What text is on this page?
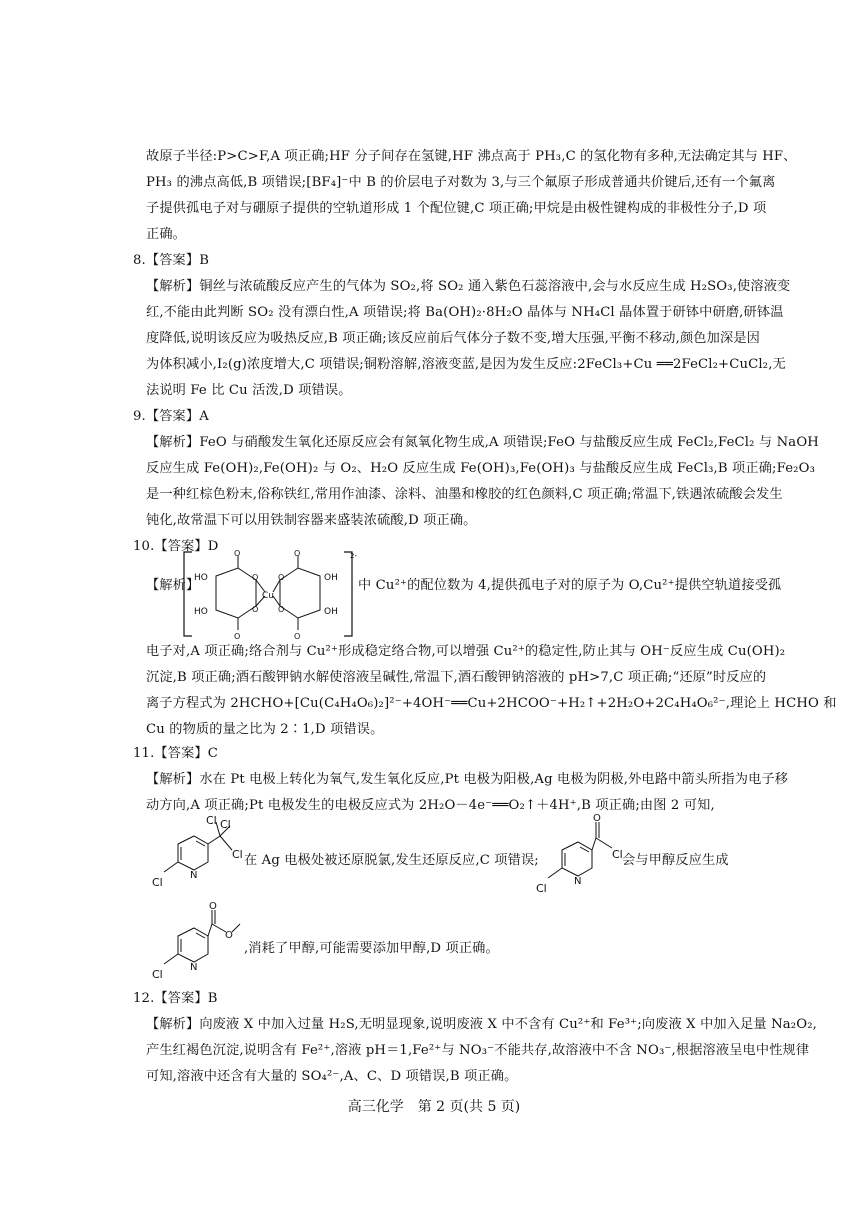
故原子半径:P>C>F,A 项正确;HF 分子间存在氢键,HF 沸点高于 PH₃,C 的氢化物有多种,无法确定其与 HF、
PH₃ 的沸点高低,B 项错误;[BF₄]⁻中 B 的价层电子对数为 3,与三个氟原子形成普通共价键后,还有一个氟离
子提供孤电子对与硼原子提供的空轨道形成 1 个配位键,C 项正确;甲烷是由极性键构成的非极性分子,D 项
正确。
8.【答案】B
【解析】铜丝与浓硫酸反应产生的气体为 SO₂,将 SO₂ 通入紫色石蕊溶液中,会与水反应生成 H₂SO₃,使溶液变
红,不能由此判断 SO₂ 没有漂白性,A 项错误;将 Ba(OH)₂·8H₂O 晶体与 NH₄Cl 晶体置于研钵中研磨,研钵温
度降低,说明该反应为吸热反应,B 项正确;该反应前后气体分子数不变,增大压强,平衡不移动,颜色加深是因
为体积减小,I₂(g)浓度增大,C 项错误;铜粉溶解,溶液变蓝,是因为发生反应:2FeCl₃+Cu ══2FeCl₂+CuCl₂,无
法说明 Fe 比 Cu 活泼,D 项错误。
9.【答案】A
【解析】FeO 与硝酸发生氧化还原反应会有氮氧化物生成,A 项错误;FeO 与盐酸反应生成 FeCl₂,FeCl₂ 与 NaOH
反应生成 Fe(OH)₂,Fe(OH)₂ 与 O₂、H₂O 反应生成 Fe(OH)₃,Fe(OH)₃ 与盐酸反应生成 FeCl₃,B 项正确;Fe₂O₃
是一种红棕色粉末,俗称铁红,常用作油漆、涂料、油墨和橡胶的红色颜料,C 项正确;常温下,铁遇浓硫酸会发生
钝化,故常温下可以用铁制容器来盛装浓硫酸,D 项正确。
10.【答案】D
【解析】
HO
HO
OH
OH
O
O
O
O
O
O
O
O
Cu
2-
中 Cu²⁺的配位数为 4,提供孤电子对的原子为 O,Cu²⁺提供空轨道接受孤
电子对,A 项正确;络合剂与 Cu²⁺形成稳定络合物,可以增强 Cu²⁺的稳定性,防止其与 OH⁻反应生成 Cu(OH)₂
沉淀,B 项正确;酒石酸钾钠水解使溶液呈碱性,常温下,酒石酸钾钠溶液的 pH>7,C 项正确;“还原”时反应的
离子方程式为 2HCHO+[Cu(C₄H₄O₆)₂]²⁻+4OH⁻══Cu+2HCOO⁻+H₂↑+2H₂O+2C₄H₄O₆²⁻,理论上 HCHO 和
Cu 的物质的量之比为 2∶1,D 项错误。
11.【答案】C
【解析】水在 Pt 电极上转化为氧气,发生氧化反应,Pt 电极为阳极,Ag 电极为阴极,外电路中箭头所指为电子移
动方向,A 项正确;Pt 电极发生的电极反应式为 2H₂O－4e⁻══O₂↑＋4H⁺,B 项正确;由图 2 可知,
Cl Cl
Cl
Cl
N
在 Ag 电极处被还原脱氯,发生还原反应,C 项错误;
O
Cl
Cl
N
会与甲醇反应生成
O
O
Cl
N
,消耗了甲醇,可能需要添加甲醇,D 项正确。
12.【答案】B
【解析】向废液 X 中加入过量 H₂S,无明显现象,说明废液 X 中不含有 Cu²⁺和 Fe³⁺;向废液 X 中加入足量 Na₂O₂,
产生红褐色沉淀,说明含有 Fe²⁺,溶液 pH＝1,Fe²⁺与 NO₃⁻不能共存,故溶液中不含 NO₃⁻,根据溶液呈电中性规律
可知,溶液中还含有大量的 SO₄²⁻,A、C、D 项错误,B 项正确。
高三化学　第 2 页(共 5 页)
